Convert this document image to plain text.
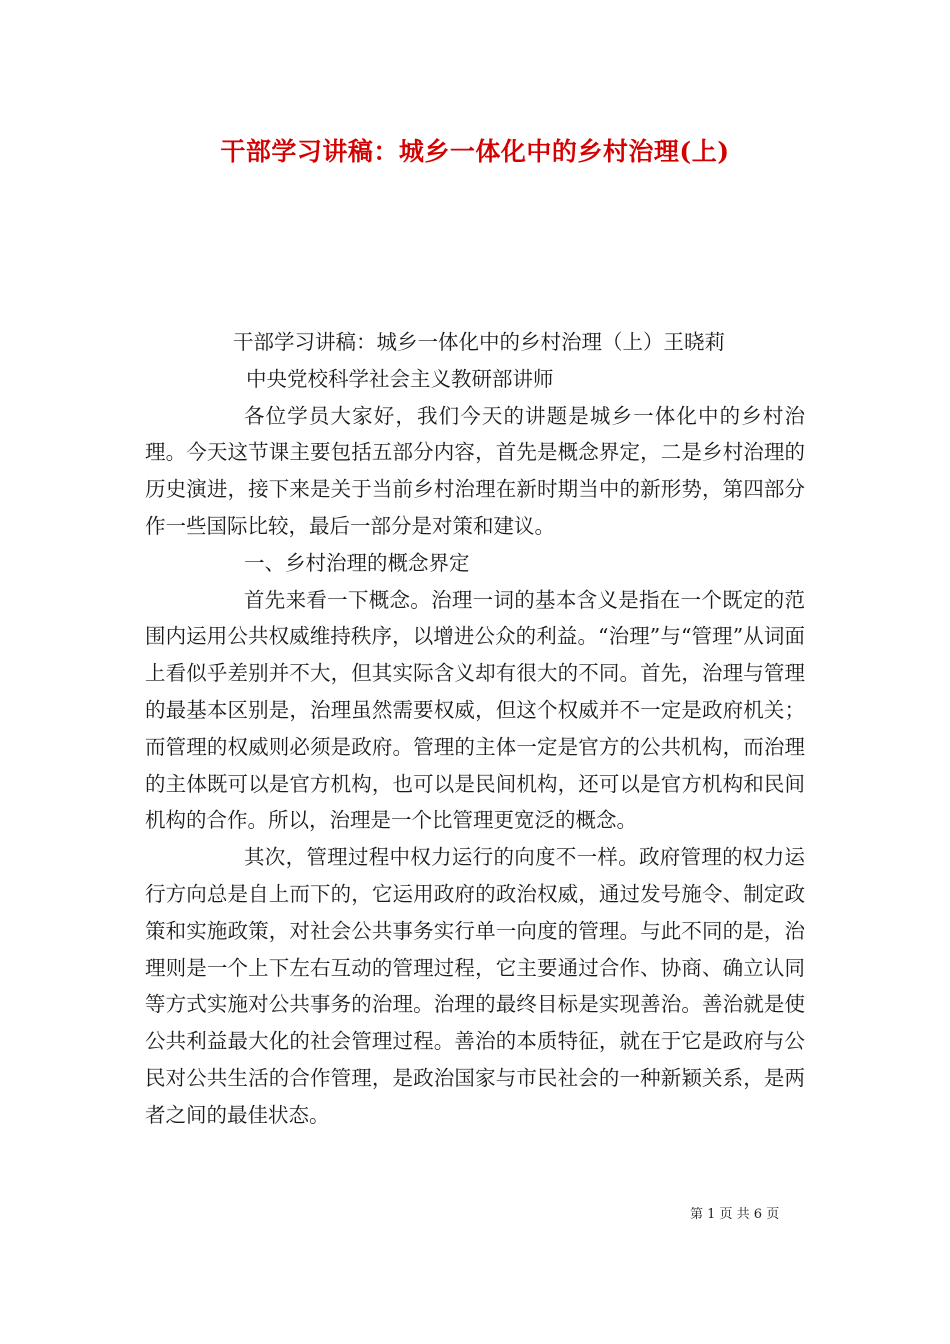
干部学习讲稿：城乡一体化中的乡村治理(上)

干部学习讲稿：城乡一体化中的乡村治理（上）王晓莉

中央党校科学社会主义教研部讲师

各位学员大家好，我们今天的讲题是城乡一体化中的乡村治理。今天这节课主要包括五部分内容，首先是概念界定，二是乡村治理的历史演进，接下来是关于当前乡村治理在新时期当中的新形势，第四部分作一些国际比较，最后一部分是对策和建议。

一、乡村治理的概念界定

首先来看一下概念。治理一词的基本含义是指在一个既定的范围内运用公共权威维持秩序，以增进公众的利益。“治理”与“管理”从词面上看似乎差别并不大，但其实际含义却有很大的不同。首先，治理与管理的最基本区别是，治理虽然需要权威，但这个权威并不一定是政府机关；而管理的权威则必须是政府。管理的主体一定是官方的公共机构，而治理的主体既可以是官方机构，也可以是民间机构，还可以是官方机构和民间机构的合作。所以，治理是一个比管理更宽泛的概念。

其次，管理过程中权力运行的向度不一样。政府管理的权力运行方向总是自上而下的，它运用政府的政治权威，通过发号施令、制定政策和实施政策，对社会公共事务实行单一向度的管理。与此不同的是，治理则是一个上下左右互动的管理过程，它主要通过合作、协商、确立认同等方式实施对公共事务的治理。治理的最终目标是实现善治。善治就是使公共利益最大化的社会管理过程。善治的本质特征，就在于它是政府与公民对公共生活的合作管理，是政治国家与市民社会的一种新颖关系，是两者之间的最佳状态。

第 1 页 共 6 页
